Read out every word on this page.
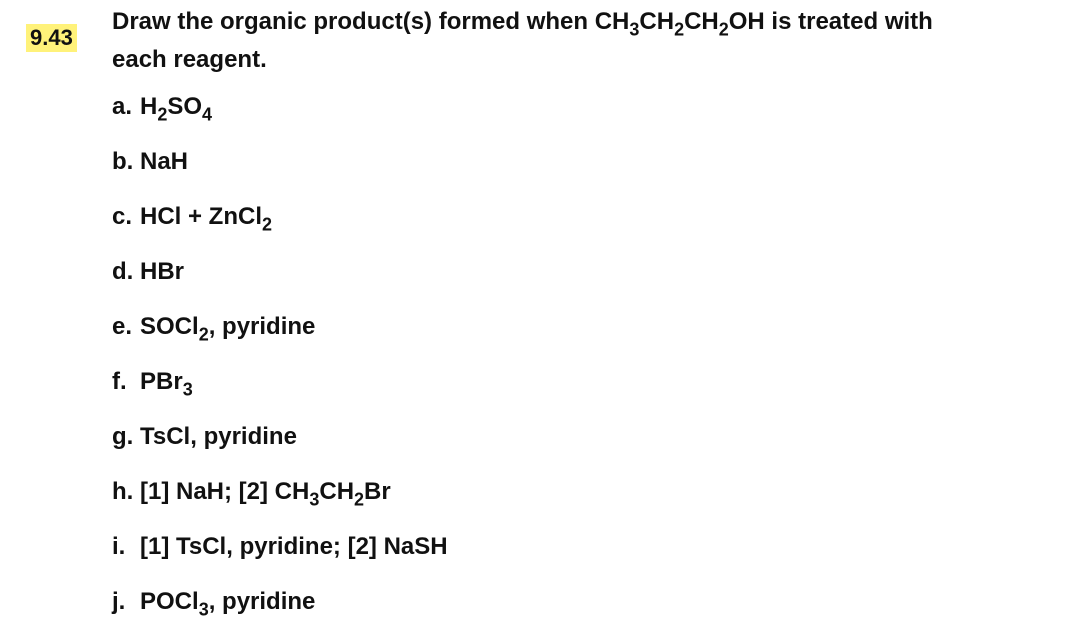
9.43
Draw the organic product(s) formed when $CH_3CH_2CH_2OH$ is treated with
each reagent.
a. $H_2SO_4$
b. NaH
c. HCl + ZnCl$_2$
d. HBr
e. SOCl$_2$, pyridine
f. PBr$_3$
g. TsCl, pyridine
h. [1] NaH; [2] $CH_3CH_2Br$
i. [1] TsCl, pyridine; [2] NaSH
j. POCl$_3$, pyridine
